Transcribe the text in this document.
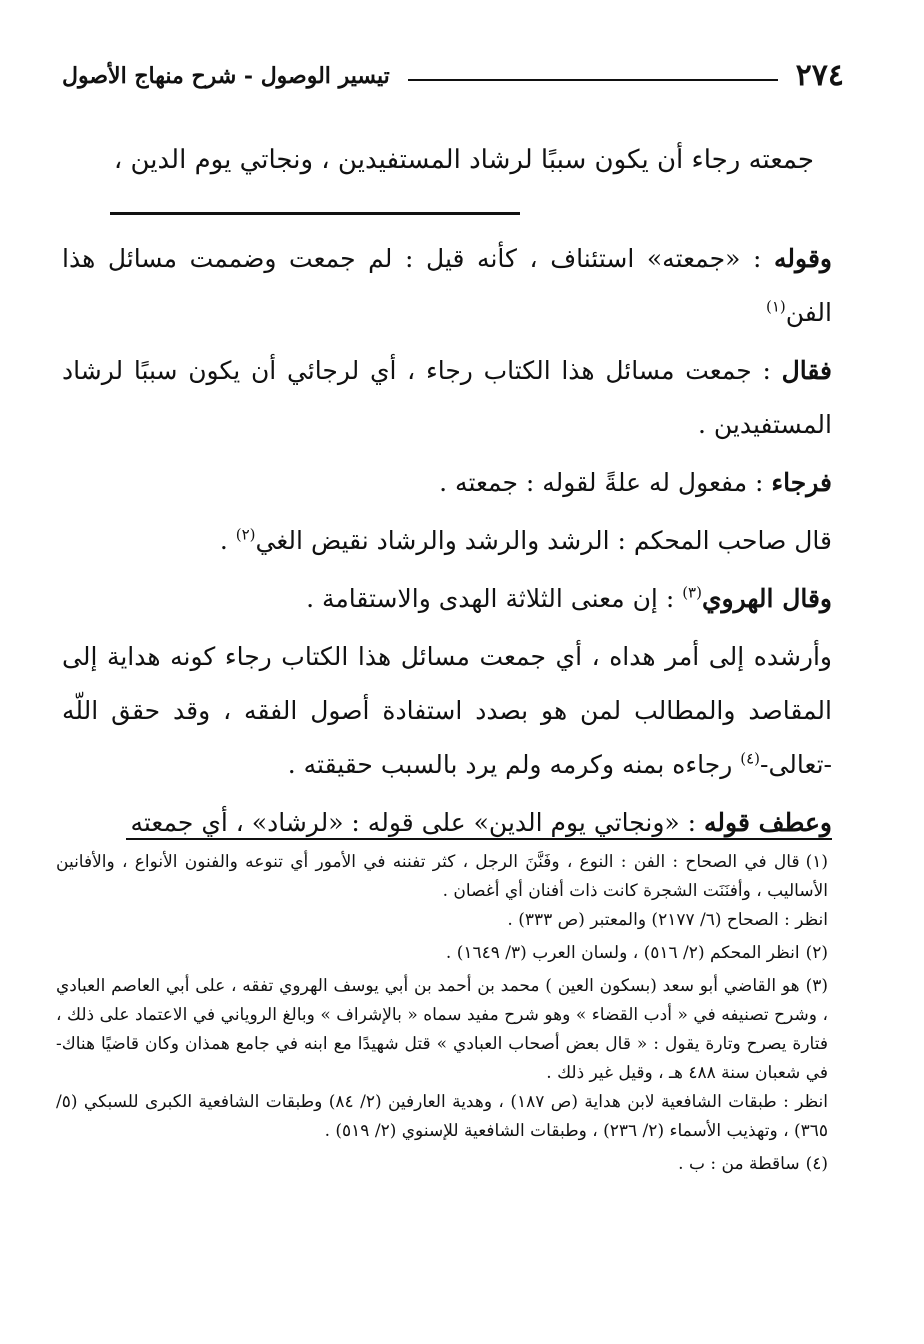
٢٧٤
تيسير الوصول - شرح منهاج الأصول
جمعته رجاء أن يكون سببًا لرشاد المستفيدين ، ونجاتي يوم الدين ،

وقوله : «جمعته» استئناف ، كأنه قيل : لم جمعت وضممت مسائل هذا الفن$^{(١)}$

فقال : جمعت مسائل هذا الكتاب رجاء ، أي لرجائي أن يكون سببًا لرشاد المستفيدين .

فرجاء : مفعول له علةً لقوله : جمعته .

قال صاحب المحكم : الرشد والرشد والرشاد نقيض الغي$^{(٢)}$ .

وقال الهروي$^{(٣)}$ : إن معنى الثلاثة الهدى والاستقامة .

وأرشده إلى أمر هداه ، أي جمعت مسائل هذا الكتاب رجاء كونه هداية إلى المقاصد والمطالب لمن هو بصدد استفادة أصول الفقه ، وقد حقق اللّه -تعالى-$^{(٤)}$ رجاءه بمنه وكرمه ولم يرد بالسبب حقيقته .

وعطف قوله : «ونجاتي يوم الدين» على قوله : «لرشاد» ، أي جمعته

(١)قال في الصحاح : الفن : النوع ، وفَنَّنَ الرجل ، كثر تفننه في الأمور أي تنوعه والفنون الأنواع ، والأفانين الأساليب ، وأفنَنَت الشجرة كانت ذات أفنان أي أغصان .
انظر : الصحاح (٦/ ٢١٧٧) والمعتبر (ص ٣٣٣) .
(٢)انظر المحكم (٢/ ٥١٦) ، ولسان العرب (٣/ ١٦٤٩) .
(٣)هو القاضي أبو سعد (بسكون العين ) محمد بن أحمد بن أبي يوسف الهروي تفقه ، على أبي العاصم العبادي ، وشرح تصنيفه في « أدب القضاء » وهو شرح مفيد سماه « بالإشراف » وبالغ الروياني في الاعتماد على ذلك ، فتارة يصرح وتارة يقول : « قال بعض أصحاب العبادي » قتل شهيدًا مع ابنه في جامع همذان وكان قاضيًا هناك- في شعبان سنة ٤٨٨ هـ ، وقيل غير ذلك .
انظر : طبقات الشافعية لابن هداية (ص ١٨٧) ، وهدية العارفين (٢/ ٨٤) وطبقات الشافعية الكبرى للسبكي (٥/ ٣٦٥) ، وتهذيب الأسماء (٢/ ٢٣٦) ، وطبقات الشافعية للإسنوي (٢/ ٥١٩) .
(٤)ساقطة من : ب .
